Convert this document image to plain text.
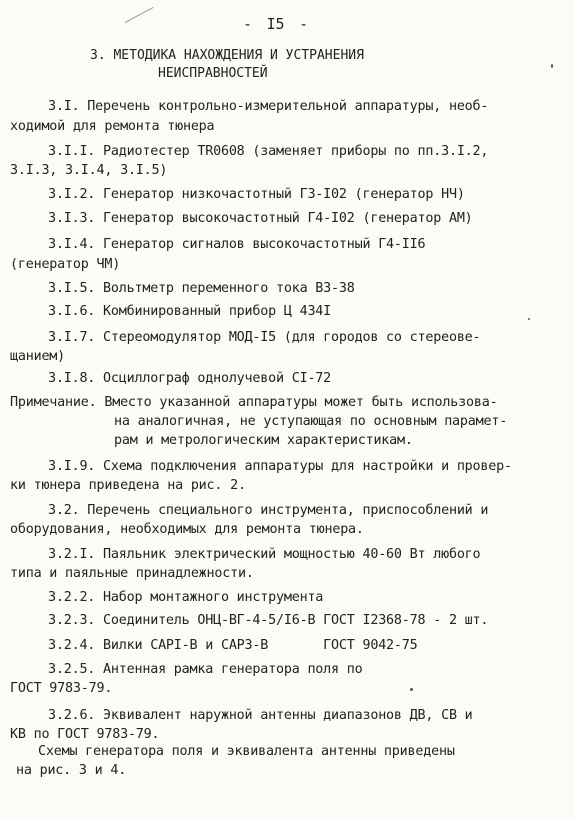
- I5 -
3. МЕТОДИКА НАХОЖДЕНИЯ И УСТРАНЕНИЯ
НЕИСПРАВНОСТЕЙ
3.I. Перечень контрольно-измерительной аппаратуры, необ-
ходимой для ремонта тюнера
3.I.I. Радиотестер TR0608 (заменяет приборы по пп.3.I.2,
3.I.3, 3.I.4, 3.I.5)
3.I.2. Генератор низкочастотный Г3-I02 (генератор НЧ)
3.I.3. Генератор высокочастотный Г4-I02 (генератор АМ)
3.I.4. Генератор сигналов высокочастотный Г4-II6
(генератор ЧМ)
3.I.5. Вольтметр переменного тока В3-38
3.I.6. Комбинированный прибор Ц 434I
3.I.7. Стереомодулятор МОД-I5 (для городов со стереове-
щанием)
3.I.8. Осциллограф однолучевой СI-72
Примечание. Вместо указанной аппаратуры может быть использова-
на аналогичная, не уступающая по основным парамет-
рам и метрологическим характеристикам.
3.I.9. Схема подключения аппаратуры для настройки и провер-
ки тюнера приведена на рис. 2.
3.2. Перечень специального инструмента, приспособлений и
оборудования, необходимых для ремонта тюнера.
3.2.I. Паяльник электрический мощностью 40-60 Вт любого
типа и паяльные принадлежности.
3.2.2. Набор монтажного инструмента
3.2.3. Соединитель ОНЦ-ВГ-4-5/I6-В ГОСТ I2368-78 - 2 шт.
3.2.4. Вилки САРI-В и САР3-В       ГОСТ 9042-75
3.2.5. Антенная рамка генератора поля по
ГОСТ 9783-79.
3.2.6. Эквивалент наружной антенны диапазонов ДВ, СВ и
КВ по ГОСТ 9783-79.
Схемы генератора поля и эквивалента антенны приведены
на рис. 3 и 4.
